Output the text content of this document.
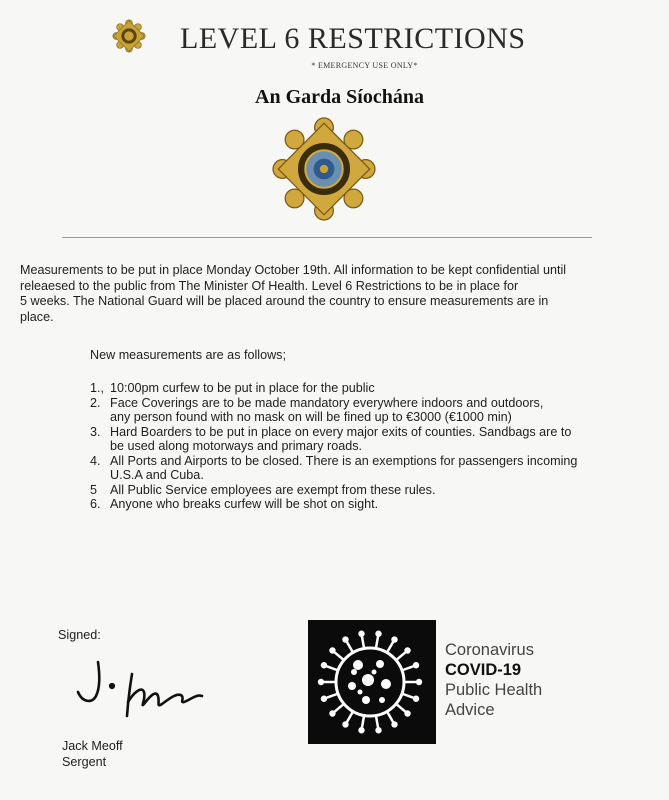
LEVEL 6 RESTRICTIONS
* EMERGENCY USE ONLY*
An Garda Síochána
Measurements to be put in place Monday October 19th. All information to be kept confidential until
releaesed to the public from The Minister Of Health. Level 6 Restrictions to be in place for
5 weeks. The National Guard will be placed around the country to ensure measurements are in
place.
New measurements are as follows;
1., 10:00pm curfew to be put in place for the public
2. Face Coverings are to be made mandatory everywhere indoors and outdoors,
any person found with no mask on will be fined up to €3000 (€1000 min)
3. Hard Boarders to be put in place on every major exits of counties. Sandbags are to
be used along motorways and primary roads.
4. All Ports and Airports to be closed. There is an exemptions for passengers incoming
U.S.A and Cuba.
5 All Public Service employees are exempt from these rules.
6. Anyone who breaks curfew will be shot on sight.
Signed:
Jack Meoff
Sergent
Coronavirus
COVID-19
Public Health
Advice
